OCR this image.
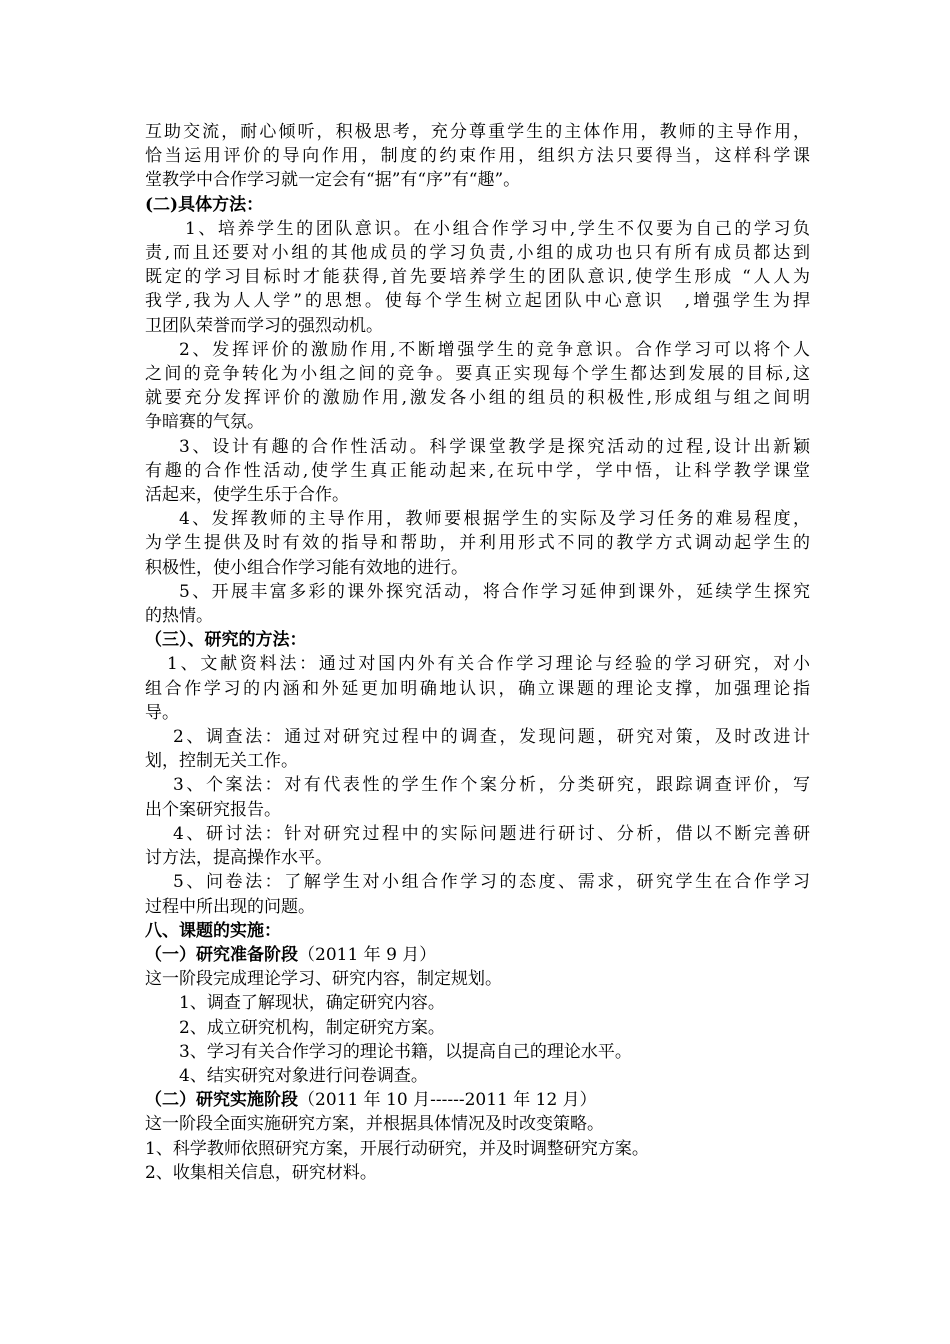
互助交流，耐心倾听，积极思考，充分尊重学生的主体作用，教师的主导作用，
恰当运用评价的导向作用，制度的约束作用，组织方法只要得当，这样科学课
堂教学中合作学习就一定会有“据”有“序”有“趣”。
(二)具体方法：
1、培养学生的团队意识。在小组合作学习中,学生不仅要为自己的学习负
责,而且还要对小组的其他成员的学习负责,小组的成功也只有所有成员都达到
既定的学习目标时才能获得,首先要培养学生的团队意识,使学生形成 “人人为
我学,我为人人学”的思想。使每个学生树立起团队中心意识　,增强学生为捍
卫团队荣誉而学习的强烈动机。
2、发挥评价的激励作用,不断增强学生的竞争意识。合作学习可以将个人
之间的竞争转化为小组之间的竞争。要真正实现每个学生都达到发展的目标,这
就要充分发挥评价的激励作用,激发各小组的组员的积极性,形成组与组之间明
争暗赛的气氛。
3、设计有趣的合作性活动。科学课堂教学是探究活动的过程,设计出新颖
有趣的合作性活动,使学生真正能动起来,在玩中学，学中悟，让科学教学课堂
活起来，使学生乐于合作。
4、发挥教师的主导作用，教师要根据学生的实际及学习任务的难易程度，
为学生提供及时有效的指导和帮助，并利用形式不同的教学方式调动起学生的
积极性，使小组合作学习能有效地的进行。
5、开展丰富多彩的课外探究活动，将合作学习延伸到课外，延续学生探究
的热情。
（三）、研究的方法：
1、文献资料法：通过对国内外有关合作学习理论与经验的学习研究，对小
组合作学习的内涵和外延更加明确地认识，确立课题的理论支撑，加强理论指
导。
2、调查法：通过对研究过程中的调查，发现问题，研究对策，及时改进计
划，控制无关工作。
3、个案法：对有代表性的学生作个案分析，分类研究，跟踪调查评价，写
出个案研究报告。
4、研讨法：针对研究过程中的实际问题进行研讨、分析，借以不断完善研
讨方法，提高操作水平。
5、问卷法：了解学生对小组合作学习的态度、需求，研究学生在合作学习
过程中所出现的问题。
八、课题的实施：
（一）研究准备阶段（2011 年 9 月）
这一阶段完成理论学习、研究内容，制定规划。
1、调查了解现状，确定研究内容。
2、成立研究机构，制定研究方案。
3、学习有关合作学习的理论书籍，以提高自己的理论水平。
4、结实研究对象进行问卷调查。
（二）研究实施阶段（2011 年 10 月------2011 年 12 月）
这一阶段全面实施研究方案，并根据具体情况及时改变策略。
1、科学教师依照研究方案，开展行动研究，并及时调整研究方案。
2、收集相关信息，研究材料。
